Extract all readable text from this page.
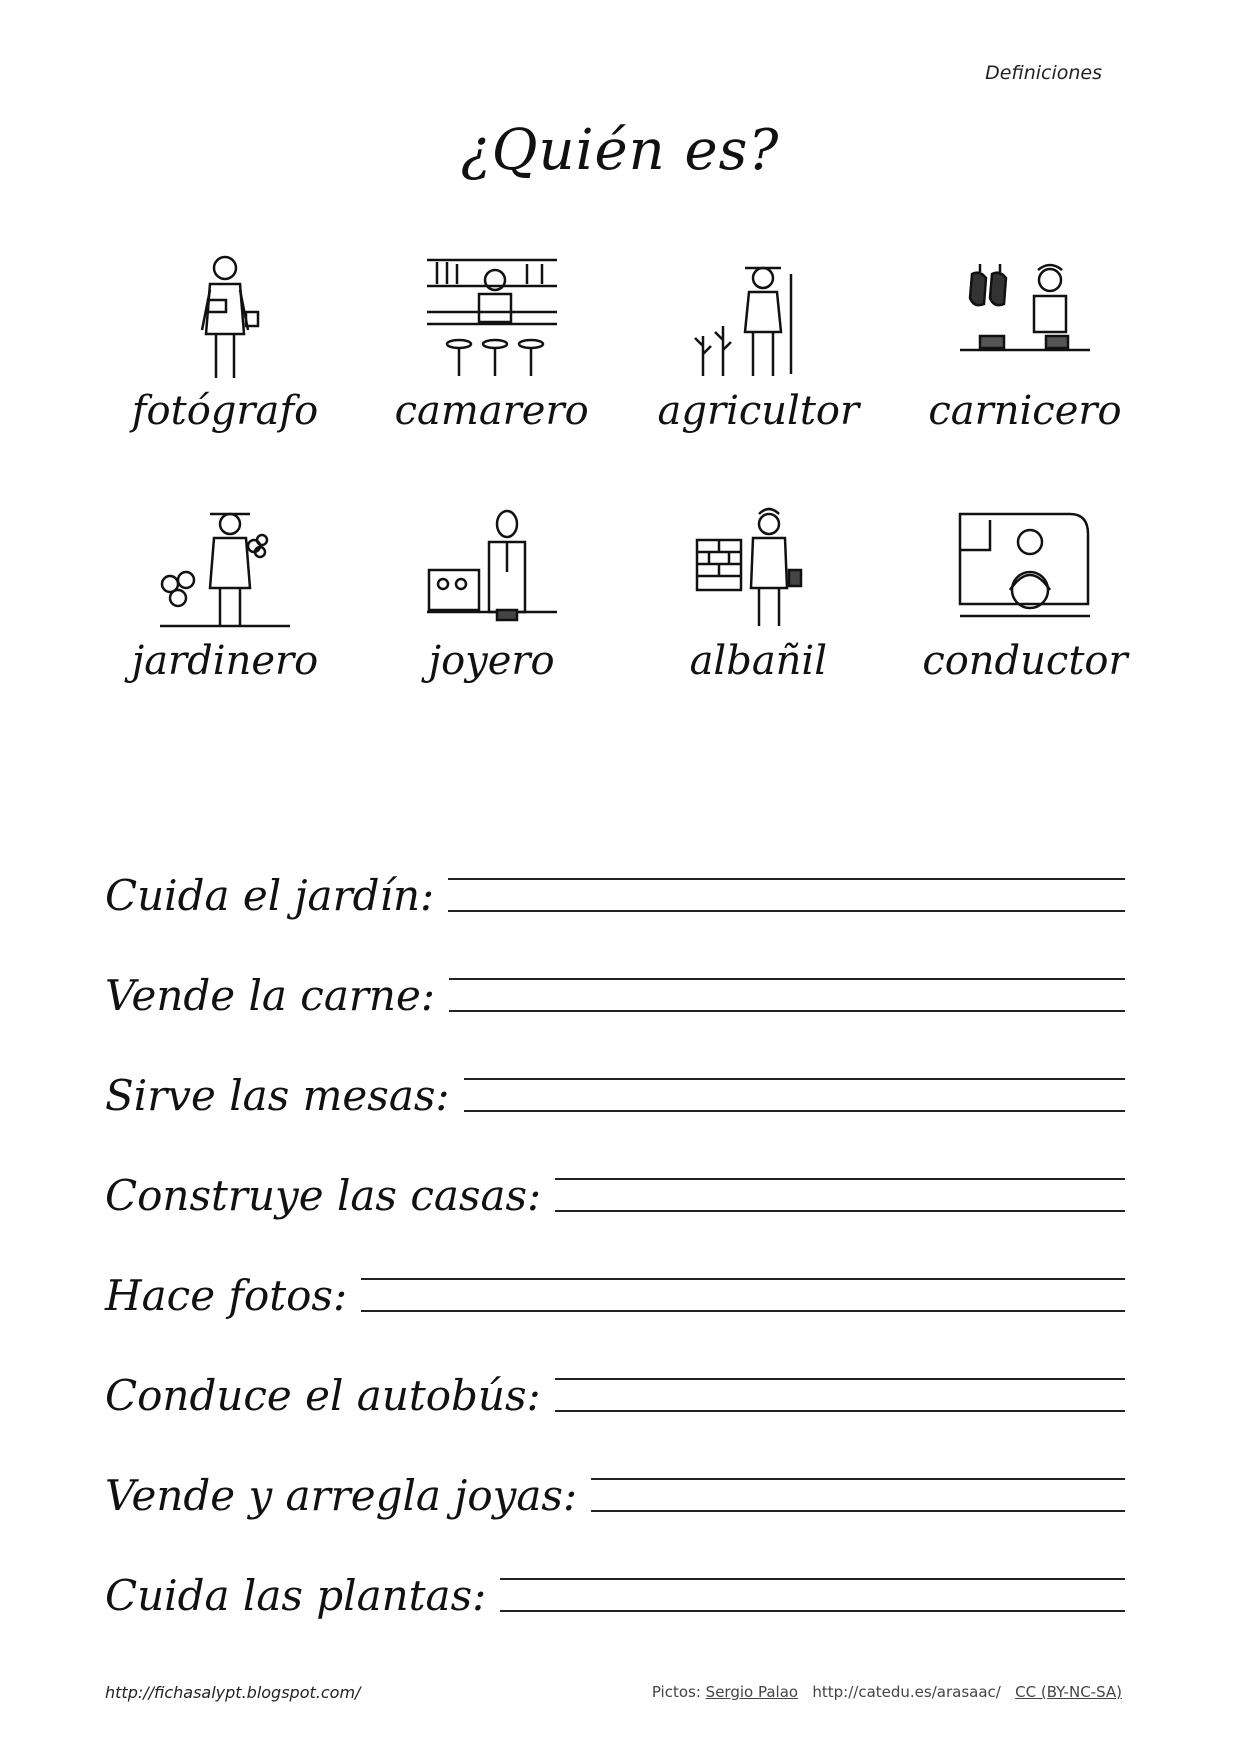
Definiciones
¿Quién es?
fotógrafo camarero agricultor carnicero
jardinero	joyero	albañil conductor
Cuida el jardín:
Vende la carne:
Sirve las mesas:
Construye las casas:
Hace fotos:
Conduce el autobús:
Vende y arregla joyas:
Cuida las plantas:
http://fichasalypt.blogspot.com/	Pictos: Sergio Palao http://catedu.es/arasaac/ CC (BY-NC-SA)
